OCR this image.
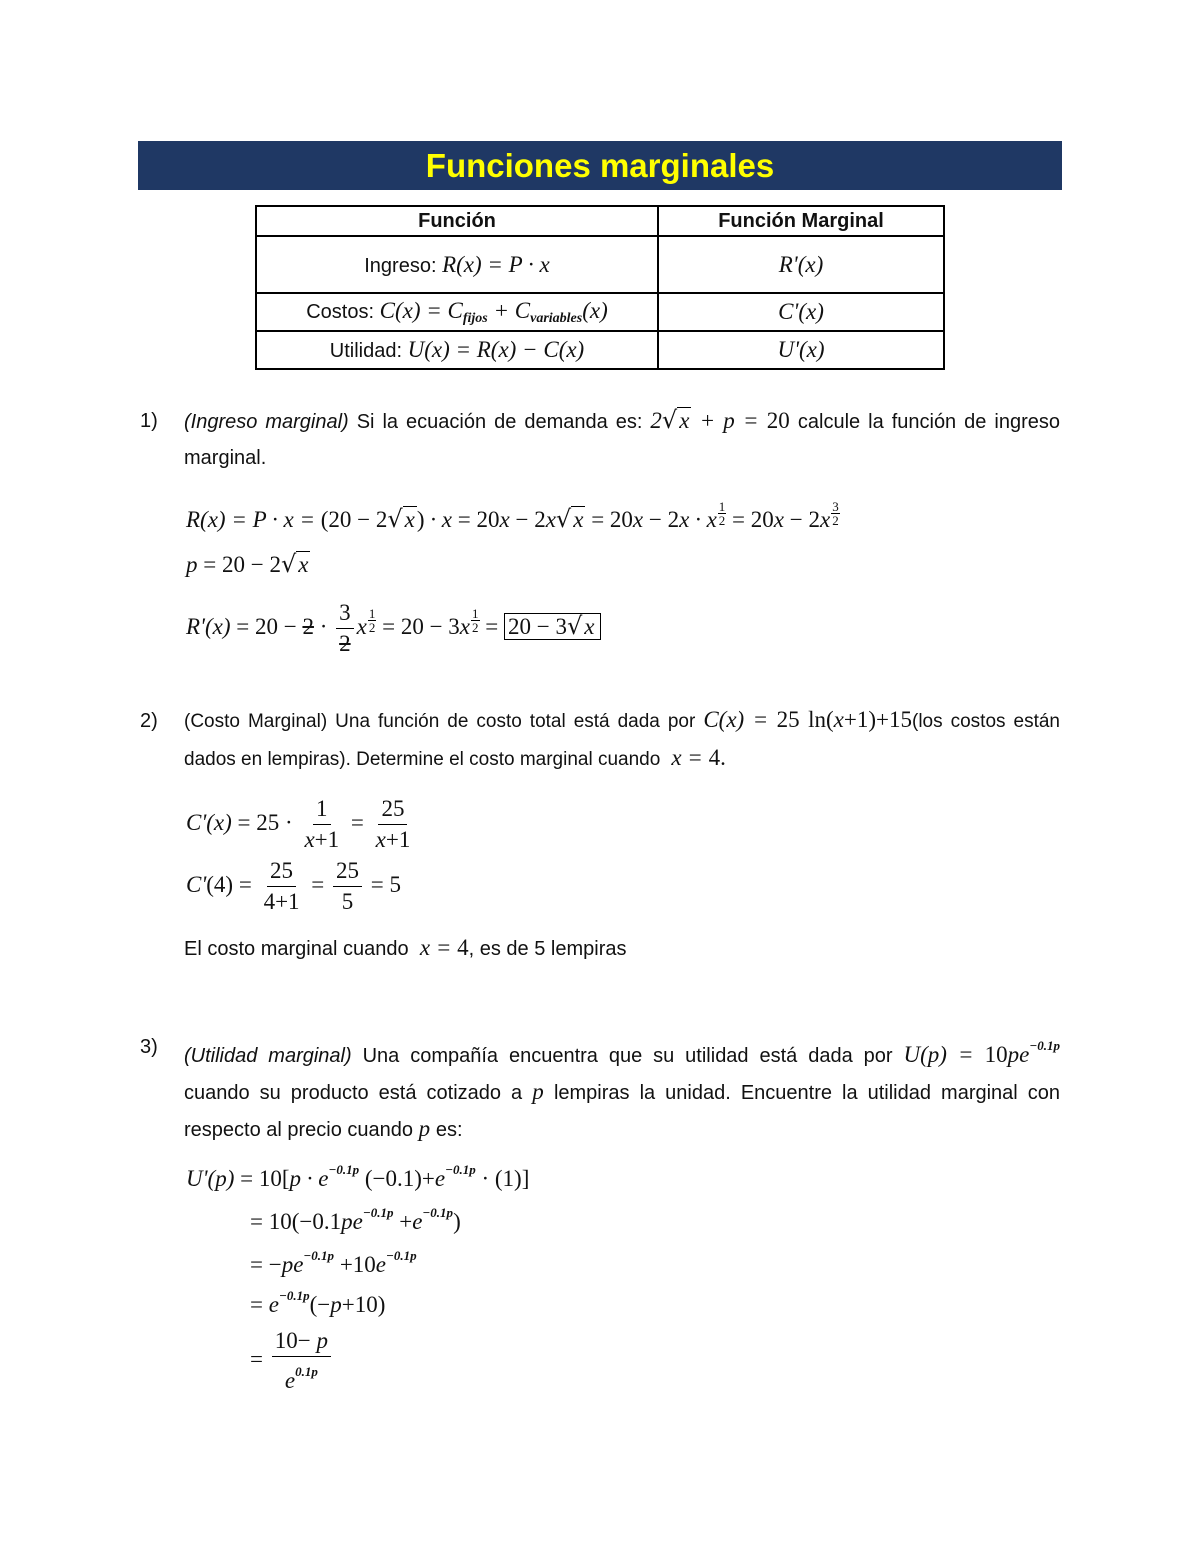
Funciones marginales
Función	Función Marginal
Ingreso: R(x) = P · x	R'(x)
Costos: $C(x) = C_{fijos} + C_{variables}(x)$	C'(x)
Utilidad: U(x) = R(x) − C(x)	U'(x)
1) (Ingreso marginal) Si la ecuación de demanda es: 2√x + p = 20 calcule la función de ingreso marginal.
R(x) = P · x = (20 − 2√x) · x = 20x − 2x√x = 20x − 2x · x $\frac{1}{2} = 20x - 2x \frac{3}{2}$
p = 20 − 2√x
$R'(x) = 20 - 2 \cdot \frac{3}{2}$ x $\frac{1}{2} = 20 - 3x \frac{1}{2} = 20 - 3√x$
2) (Costo Marginal) Una función de costo total está dada por C(x) = 25 ln(x+1)+15(los costos están dados en lempiras). Determine el costo marginal cuando  x = 4.
$C'(x) = 25 \cdot \frac{1}{x+1} = \frac{25}{x+1}$
$C'(4) = \frac{25}{4+1} = \frac{25}{5} = 5$
El costo marginal cuando  x = 4, es de 5 lempiras
3) (Utilidad marginal) Una compañía encuentra que su utilidad está dada por $U(p) = 10pe^{-0.1p}$ cuando su producto está cotizado a p lempiras la unidad. Encuentre la utilidad marginal con respecto al precio cuando p es:
$U'(p) = 10[p \cdot e^{-0.1p}$ $(-0.1)+e^{-0.1p} \cdot (1)$]
= $10(-0.1pe^{-0.1p} +e^{-0.1p})$
= $-pe^{-0.1p} +10e^{-0.1p}$
= $e^{-0.1p}(-p+10)$
= $\frac{10- p}{e^{0.1p}}$
